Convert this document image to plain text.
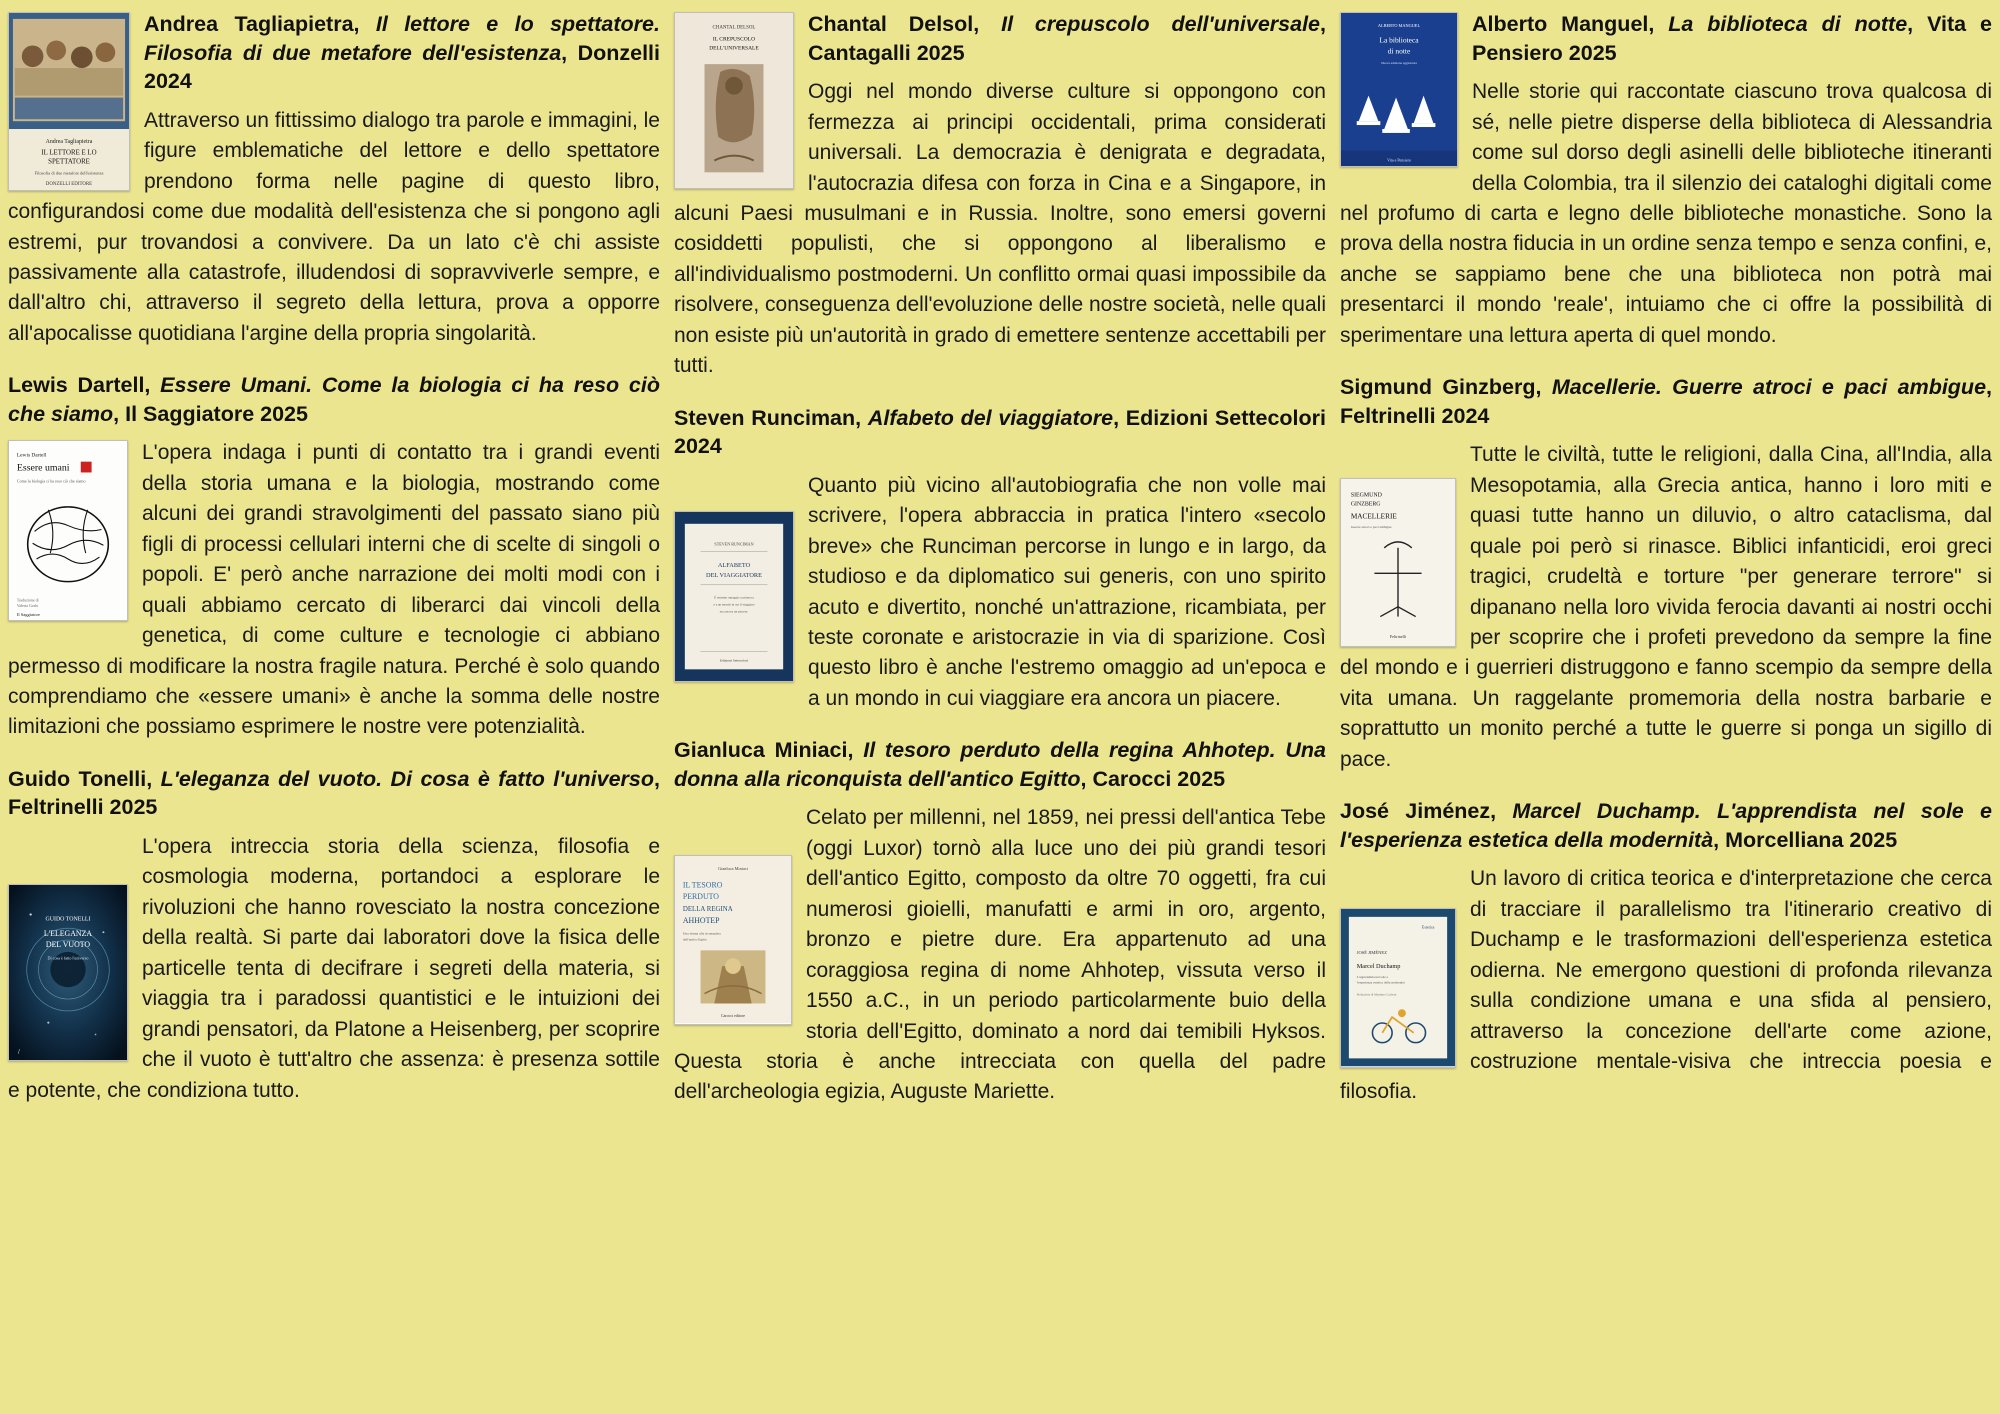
Andrea Tagliapietra
IL LETTORE E LO
SPETTATORE
Filosofia di due metafore dell'esistenza
DONZELLI EDITORE

Andrea Tagliapietra, Il lettore e lo spettatore. Filosofia di due metafore dell'esistenza, Donzelli 2024

Attraverso un fittissimo dialogo tra parole e immagini, le figure emblematiche del lettore e dello spettatore prendono forma nelle pagine di questo libro, configurandosi come due modalità dell'esistenza che si pongono agli estremi, pur trovandosi a convivere. Da un lato c'è chi assiste passivamente alla catastrofe, illudendosi di sopravviverle sempre, e dall'altro chi, attraverso il segreto della lettura, prova a opporre all'apocalisse quotidiana l'argine della propria singolarità.

Lewis Dartell, Essere Umani. Come la biologia ci ha reso ciò che siamo, Il Saggiatore 2025

Lewis Dartell
Essere umani
Come la biologia ci ha reso ciò che siamo
Traduzione di
Valeria Gorla
Il Saggiatore

L'opera indaga i punti di contatto tra i grandi eventi della storia umana e la biologia, mostrando come alcuni dei grandi stravolgimenti del passato siano più figli di processi cellulari interni che di scelte di singoli o popoli. E' però anche narrazione dei molti modi con i quali abbiamo cercato di liberarci dai vincoli della genetica, di come culture e tecnologie ci abbiano permesso di modificare la nostra fragile natura. Perché è solo quando comprendiamo che «essere umani» è anche la somma delle nostre limitazioni che possiamo esprimere le nostre vere potenzialità.

Guido Tonelli, L'eleganza del vuoto. Di cosa è fatto l'universo, Feltrinelli 2025

GUIDO TONELLI
L'ELEGANZA
DEL VUOTO
Di cosa è fatto l'universo
/

L'opera intreccia storia della scienza, filosofia e cosmologia moderna, portandoci a esplorare le rivoluzioni che hanno rovesciato la nostra concezione della realtà. Si parte dai laboratori dove la fisica delle particelle tenta di decifrare i segreti della materia, si viaggia tra i paradossi quantistici e le intuizioni dei grandi pensatori, da Platone a Heisenberg, per scoprire che il vuoto è tutt'altro che assenza: è presenza sottile e potente, che condiziona tutto.

CHANTAL DELSOL
IL CREPUSCOLO
DELL'UNIVERSALE

Chantal Delsol, Il crepuscolo dell'universale, Cantagalli 2025

Oggi nel mondo diverse culture si oppongono con fermezza ai principi occidentali, prima considerati universali. La democrazia è denigrata e degradata, l'autocrazia difesa con forza in Cina e a Singapore, in alcuni Paesi musulmani e in Russia. Inoltre, sono emersi governi cosiddetti populisti, che si oppongono al liberalismo e all'individualismo postmoderni. Un conflitto ormai quasi impossibile da risolvere, conseguenza dell'evoluzione delle nostre società, nelle quali non esiste più un'autorità in grado di emettere sentenze accettabili per tutti.

Steven Runciman, Alfabeto del viaggiatore, Edizioni Settecolori 2024

STEVEN RUNCIMAN
ALFABETO
DEL VIAGGIATORE
È estremo omaggio a un'epoca
e a un mondo in cui il viaggiare
era ancora un piacere.
Edizioni Settecolori

Quanto più vicino all'autobiografia che non volle mai scrivere, l'opera abbraccia in pratica l'intero «secolo breve» che Runciman percorse in lungo e in largo, da studioso e da diplomatico sui generis, con uno spirito acuto e divertito, nonché un'attrazione, ricambiata, per teste coronate e aristocrazie in via di sparizione. Così questo libro è anche l'estremo omaggio ad un'epoca e a un mondo in cui viaggiare era ancora un piacere.

Gianluca Miniaci, Il tesoro perduto della regina Ahhotep. Una donna alla riconquista dell'antico Egitto, Carocci 2025

Gianluca Miniaci
IL TESORO
PERDUTO
DELLA REGINA
AHHOTEP
Una donna alla riconquista
dell'antico Egitto
Carocci editore

Celato per millenni, nel 1859, nei pressi dell'antica Tebe (oggi Luxor) tornò alla luce uno dei più grandi tesori dell'antico Egitto, composto da oltre 70 oggetti, fra cui numerosi gioielli, manufatti e armi in oro, argento, bronzo e pietre dure. Era appartenuto ad una coraggiosa regina di nome Ahhotep, vissuta verso il 1550 a.C., in un periodo particolarmente buio della storia dell'Egitto, dominato a nord dai temibili Hyksos. Questa storia è anche intrecciata con quella del padre dell'archeologia egizia, Auguste Mariette.

ALBERTO MANGUEL
La biblioteca
di notte
Nuova edizione aggiornata
Vita e Pensiero

Alberto Manguel, La biblioteca di notte, Vita e Pensiero 2025

Nelle storie qui raccontate ciascuno trova qualcosa di sé, nelle pietre disperse della biblioteca di Alessandria come sul dorso degli asinelli delle biblioteche itineranti della Colombia, tra il silenzio dei cataloghi digitali come nel profumo di carta e legno delle biblioteche monastiche. Sono la prova della nostra fiducia in un ordine senza tempo e senza confini, e, anche se sappiamo bene che una biblioteca non potrà mai presentarci il mondo 'reale', intuiamo che ci offre la possibilità di sperimentare una lettura aperta di quel mondo.

Sigmund Ginzberg, Macellerie. Guerre atroci e paci ambigue, Feltrinelli 2024

SIEGMUND
GINZBERG
MACELLERIE
Guerre atroci e paci ambigue
Feltrinelli

Tutte le civiltà, tutte le religioni, dalla Cina, all'India, alla Mesopotamia, alla Grecia antica, hanno i loro miti e quasi tutte hanno un diluvio, o altro cataclisma, dal quale poi però si rinasce. Biblici infanticidi, eroi greci tragici, crudeltà e torture "per generare terrore" si dipanano nella loro vivida ferocia davanti ai nostri occhi per scoprire che i profeti prevedono da sempre la fine del mondo e i guerrieri distruggono e fanno scempio da sempre della vita umana. Un raggelante promemoria della nostra barbarie e soprattutto un monito perché a tutte le guerre si ponga un sigillo di pace.

José Jiménez, Marcel Duchamp. L'apprendista nel sole e l'esperienza estetica della modernità, Morcelliana 2025

Estetica
JOSÉ JIMÉNEZ
Marcel Duchamp
L'apprendista nel sole e
l'esperienza estetica della modernità
Prefazione di Massimo Carboni

Un lavoro di critica teorica e d'interpretazione che cerca di tracciare il parallelismo tra l'itinerario creativo di Duchamp e le trasformazioni dell'esperienza estetica odierna. Ne emergono questioni di profonda rilevanza sulla condizione umana e una sfida al pensiero, attraverso la concezione dell'arte come azione, costruzione mentale-visiva che intreccia poesia e filosofia.
